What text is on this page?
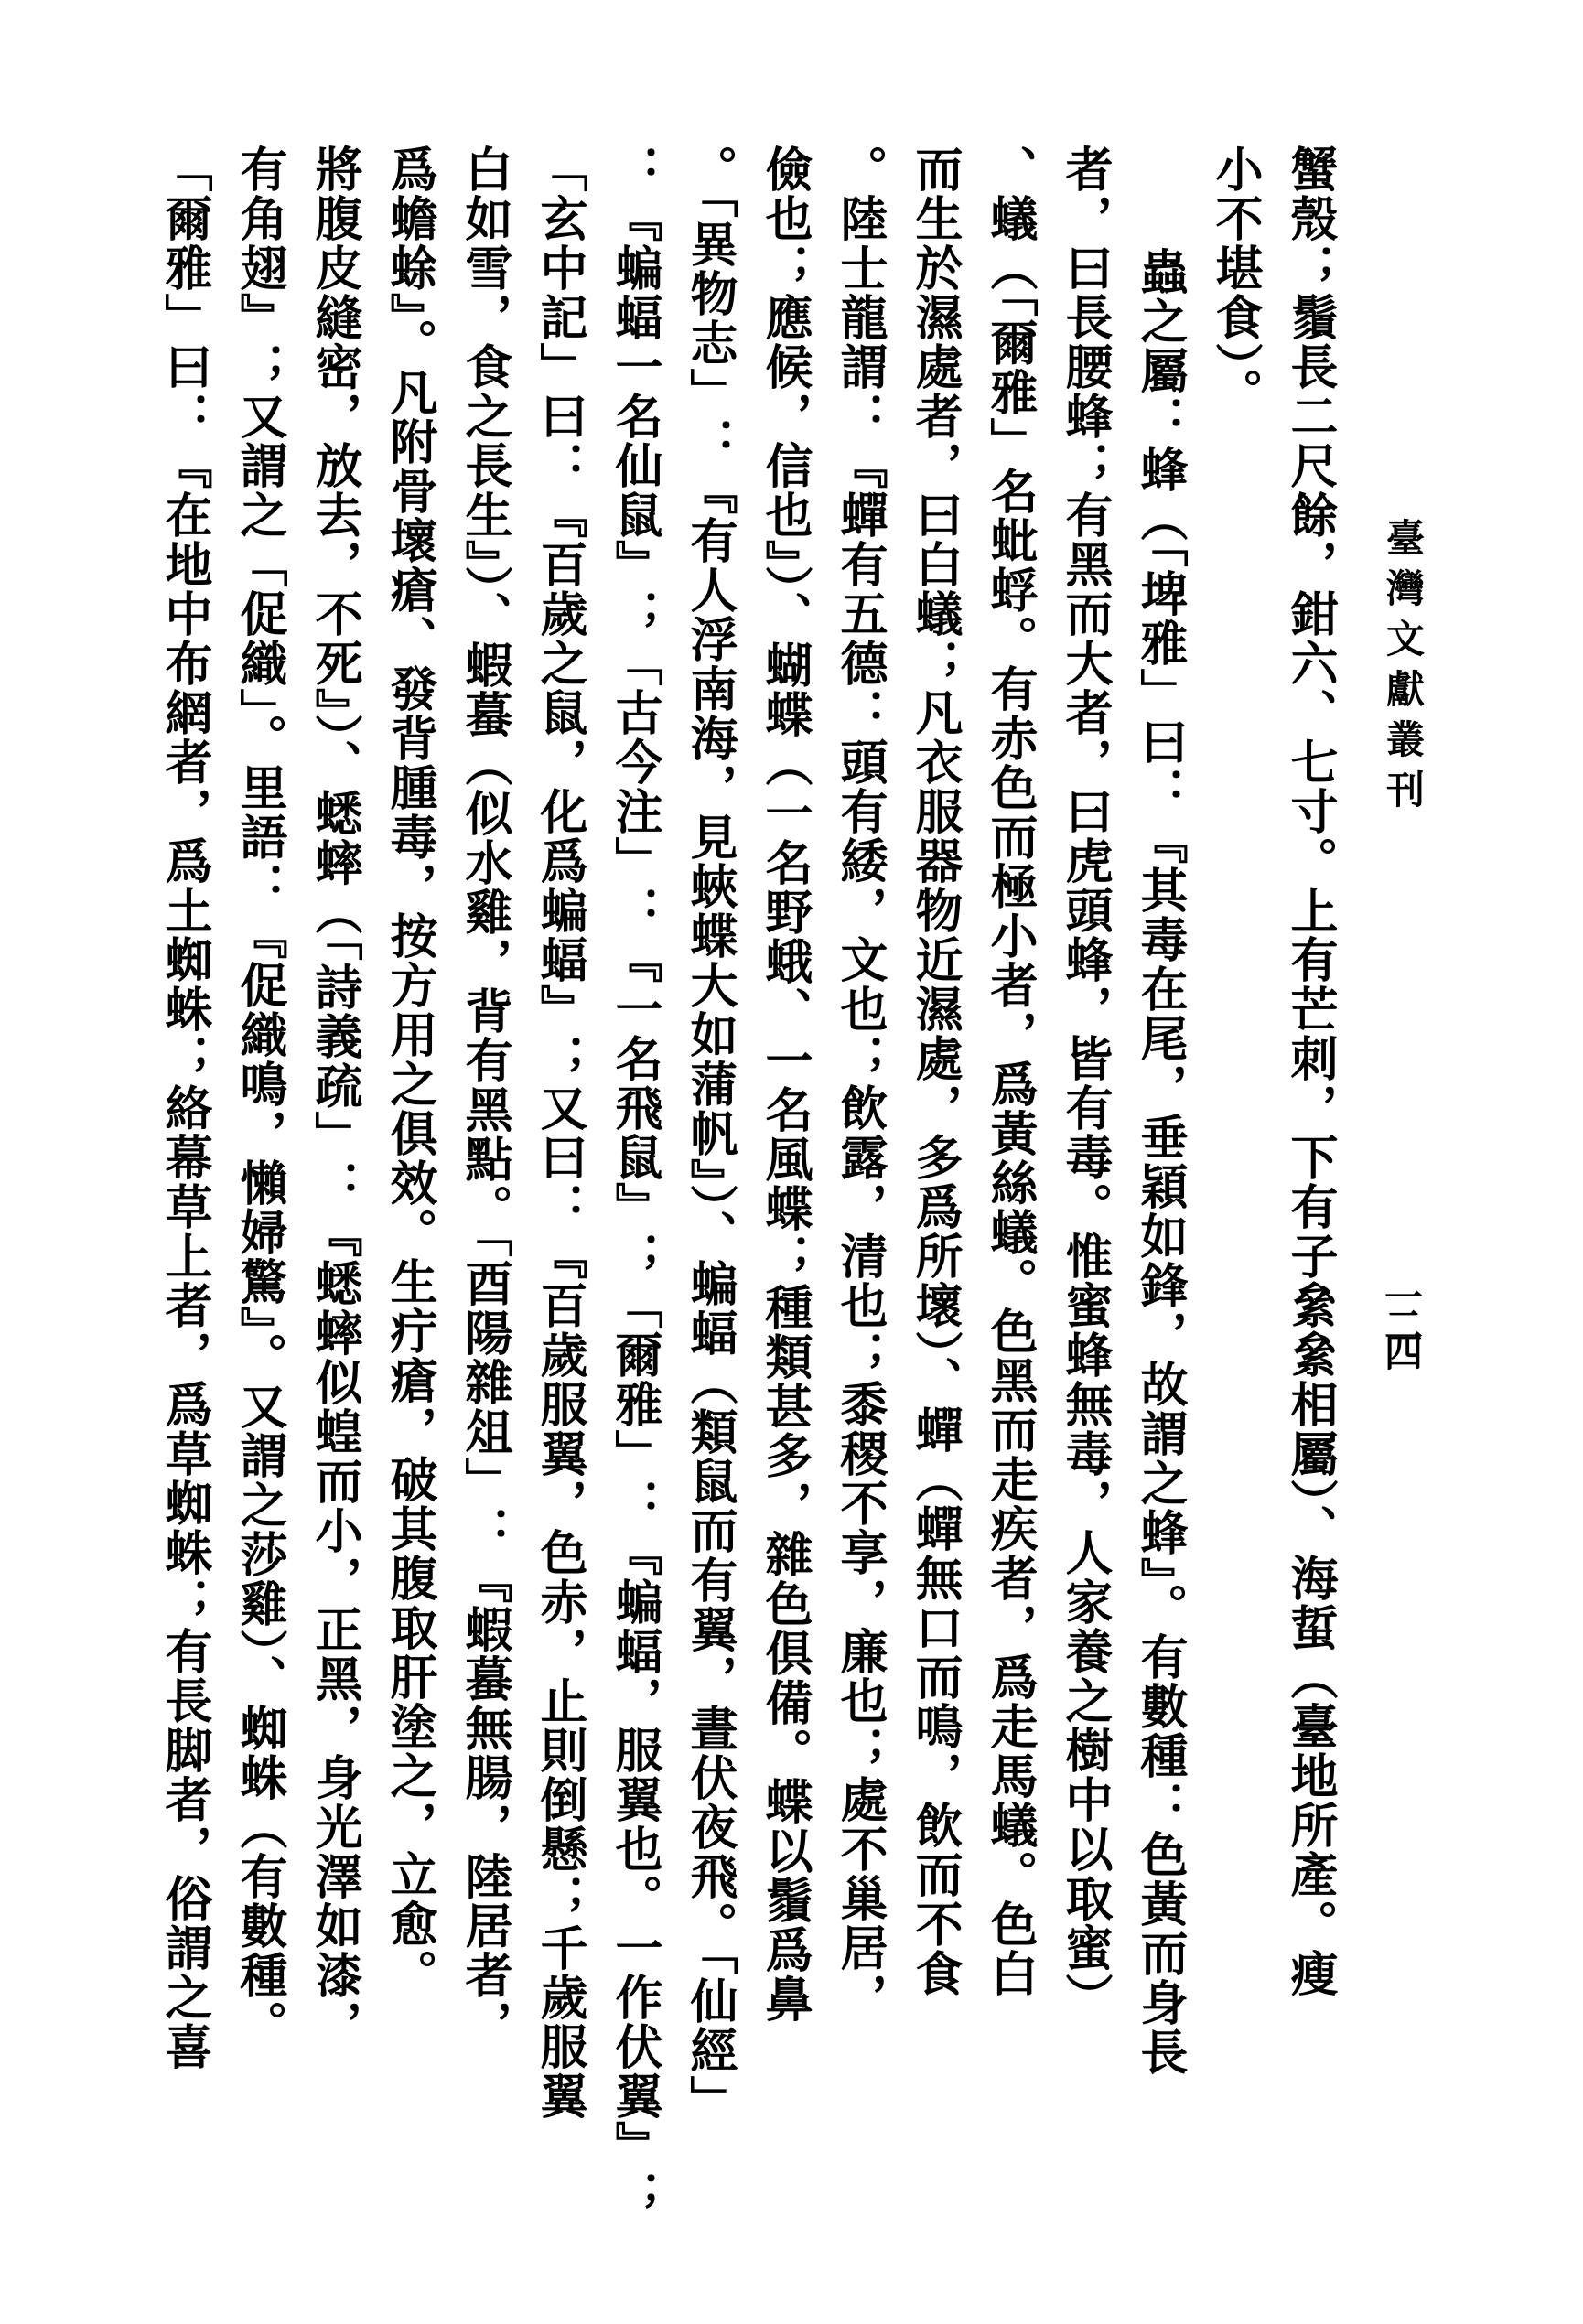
臺灣文獻叢刊
一二四
蟹殼；鬚長二尺餘，鉗六、七寸。上有芒刺，下有子絫絫相屬）、海蜇（臺地所產。瘦
小不堪食）。
蟲之屬：蜂（「埤雅」曰：『其毒在尾，垂穎如鋒，故謂之蜂』。有數種：色黃而身長
者，曰長腰蜂；有黑而大者，曰虎頭蜂，皆有毒。惟蜜蜂無毒，人家養之樹中以取蜜）
、蟻（「爾雅」名蚍蜉。有赤色而極小者，爲黃絲蟻。色黑而走疾者，爲走馬蟻。色白
而生於濕處者，曰白蟻；凡衣服器物近濕處，多爲所壞）、蟬（蟬無口而鳴，飲而不食
。陸士龍謂：『蟬有五德：頭有緌，文也；飲露，清也；黍稷不享，廉也；處不巢居，
儉也；應候，信也』）、蝴蝶（一名野蛾、一名風蝶；種類甚多，雜色俱備。蝶以鬚爲鼻
。「異物志」：『有人浮南海，見蛺蝶大如蒲帆』）、蝙蝠（類鼠而有翼，晝伏夜飛。「仙經」
：『蝙蝠一名仙鼠』；「古今注」：『一名飛鼠』；「爾雅」：『蝙蝠，服翼也。一作伏翼』；
「玄中記」曰：『百歲之鼠，化爲蝙蝠』；又曰：『百歲服翼，色赤，止則倒懸；千歲服翼
白如雪，食之長生』）、蝦蟇（似水雞，背有黑點。「酉陽雜俎」：『蝦蟇無腸，陸居者，
爲蟾蜍』。凡附骨壞瘡、發背腫毒，按方用之俱效。生疔瘡，破其腹取肝塗之，立愈。
將腹皮縫密，放去，不死』）、蟋蟀（「詩義疏」：『蟋蟀似蝗而小，正黑，身光澤如漆，
有角翅』；又謂之「促織」。里語：『促織鳴，懶婦驚』。又謂之莎雞）、蜘蛛（有數種。
「爾雅」曰：『在地中布網者，爲土蜘蛛；絡幕草上者，爲草蜘蛛；有長脚者，俗謂之喜
